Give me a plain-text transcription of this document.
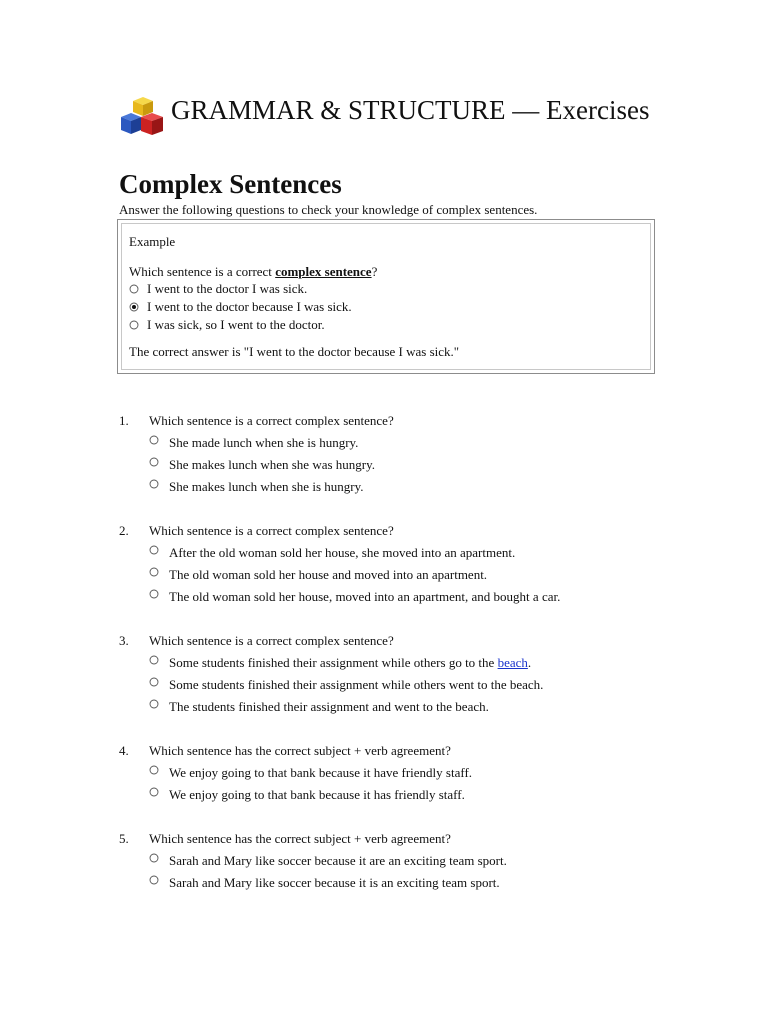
GRAMMAR & STRUCTURE — Exercises
Complex Sentences

Answer the following questions to check your knowledge of complex sentences.

Example

Which sentence is a correct complex sentence?

I went to the doctor I was sick.
I went to the doctor because I was sick.
I was sick, so I went to the doctor.

The correct answer is "I went to the doctor because I was sick."

1.	Which sentence is a correct complex sentence?
She made lunch when she is hungry.
She makes lunch when she was hungry.
She makes lunch when she is hungry.
2.	Which sentence is a correct complex sentence?
After the old woman sold her house, she moved into an apartment.
The old woman sold her house and moved into an apartment.
The old woman sold her house, moved into an apartment, and bought a car.
3.	Which sentence is a correct complex sentence?
Some students finished their assignment while others go to the beach.
Some students finished their assignment while others went to the beach.
The students finished their assignment and went to the beach.
4.	Which sentence has the correct subject + verb agreement?
We enjoy going to that bank because it have friendly staff.
We enjoy going to that bank because it has friendly staff.
5.	Which sentence has the correct subject + verb agreement?
Sarah and Mary like soccer because it are an exciting team sport.
Sarah and Mary like soccer because it is an exciting team sport.
